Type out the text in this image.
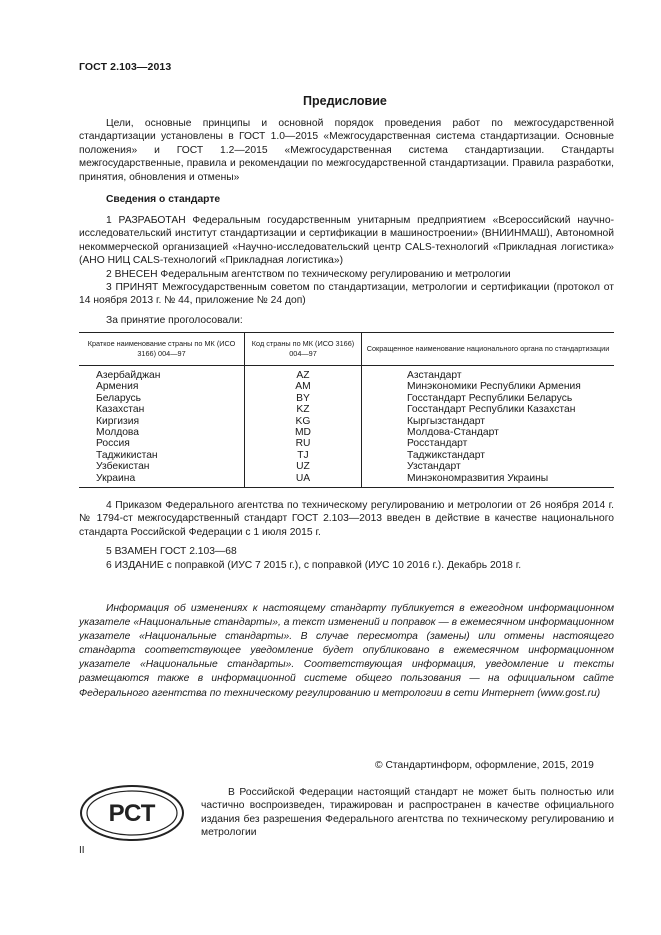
ГОСТ 2.103—2013
Предисловие

Цели, основные принципы и основной порядок проведения работ по межгосударственной стандартизации установлены в ГОСТ 1.0—2015 «Межгосударственная система стандартизации. Основные положения» и ГОСТ 1.2—2015 «Межгосударственная система стандартизации. Стандарты межгосударственные, правила и рекомендации по межгосударственной стандартизации. Правила разработки, принятия, обновления и отмены»

Сведения о стандарте

1 РАЗРАБОТАН Федеральным государственным унитарным предприятием «Всероссийский научно-исследовательский институт стандартизации и сертификации в машиностроении» (ВНИИНМАШ), Автономной некоммерческой организацией «Научно-исследовательский центр CALS-технологий «Прикладная логистика» (АНО НИЦ CALS-технологий «Прикладная логистика»)

2 ВНЕСЕН Федеральным агентством по техническому регулированию и метрологии

3 ПРИНЯТ Межгосударственным советом по стандартизации, метрологии и сертификации (протокол от 14 ноября 2013 г. № 44, приложение № 24 доп)

За принятие проголосовали:
Краткое наименование страны по МК (ИСО 3166) 004—97	Код страны по МК (ИСО 3166) 004—97	Сокращенное наименование национального органа по стандартизации
Азербайджан	AZ	Азстандарт
Армения	AM	Минэкономики Республики Армения
Беларусь	BY	Госстандарт Республики Беларусь
Казахстан	KZ	Госстандарт Республики Казахстан
Киргизия	KG	Кыргызстандарт
Молдова	MD	Молдова-Стандарт
Россия	RU	Росстандарт
Таджикистан	TJ	Таджикстандарт
Узбекистан	UZ	Узстандарт
Украина	UA	Минэкономразвития Украины

4 Приказом Федерального агентства по техническому регулированию и метрологии от 26 ноября 2014 г. № 1794-ст межгосударственный стандарт ГОСТ 2.103—2013 введен в действие в качестве национального стандарта Российской Федерации с 1 июля 2015 г.

5 ВЗАМЕН ГОСТ 2.103—68
6 ИЗДАНИЕ с поправкой (ИУС 7 2015 г.), с поправкой (ИУС 10 2016 г.). Декабрь 2018 г.

Информация об изменениях к настоящему стандарту публикуется в ежегодном информационном указателе «Национальные стандарты», а текст изменений и поправок — в ежемесячном информационном указателе «Национальные стандарты». В случае пересмотра (замены) или отмены настоящего стандарта соответствующее уведомление будет опубликовано в ежемесячном информационном указателе «Национальные стандарты». Соответствующая информация, уведомление и тексты размещаются также в информационной системе общего пользования — на официальном сайте Федерального агентства по техническому регулированию и метрологии в сети Интернет (www.gost.ru)

© Стандартинформ, оформление, 2015, 2019
РСТ

В Российской Федерации настоящий стандарт не может быть полностью или частично воспроизведен, тиражирован и распространен в качестве официального издания без разрешения Федерального агентства по техническому регулированию и метрологии

II
